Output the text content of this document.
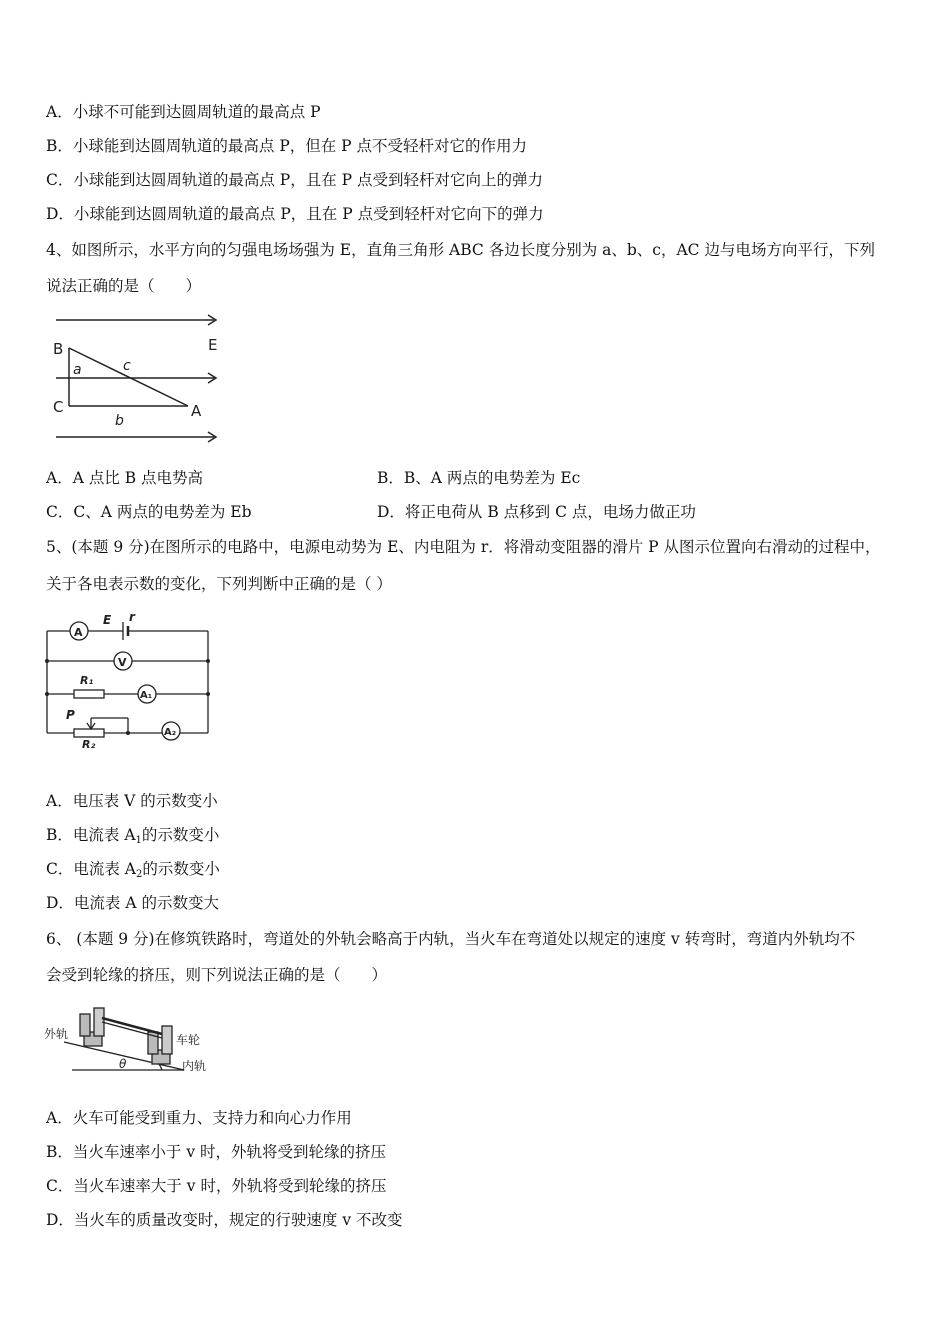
A．小球不可能到达圆周轨道的最高点 P
B．小球能到达圆周轨道的最高点 P，但在 P 点不受轻杆对它的作用力
C．小球能到达圆周轨道的最高点 P，且在 P 点受到轻杆对它向上的弹力
D．小球能到达圆周轨道的最高点 P，且在 P 点受到轻杆对它向下的弹力
4、如图所示，水平方向的匀强电场场强为 E，直角三角形 ABC 各边长度分别为 a、b、c，AC 边与电场方向平行，下列
说法正确的是（　　）
B
C	A
E
a	c
b
A．A 点比 B 点电势高	B．B、A 两点的电势差为 Ec
C．C、A 两点的电势差为 Eb	D．将正电荷从 B 点移到 C 点，电场力做正功
5、(本题 9 分)在图所示的电路中，电源电动势为 E、内电阻为 r．将滑动变阻器的滑片 P 从图示位置向右滑动的过程中，
关于各电表示数的变化，下列判断中正确的是（ ）
A
E r
V
R₁
A₁
P
R₂
A₂
A．电压表 V 的示数变小
B．电流表 $A_1$的示数变小
C．电流表 $A_2$的示数变小
D．电流表 A 的示数变大
6、 (本题 9 分)在修筑铁路时，弯道处的外轨会略高于内轨，当火车在弯道处以规定的速度 v 转弯时，弯道内外轨均不
会受到轮缘的挤压，则下列说法正确的是（　　）
外轨	车轮
内轨
θ
A．火车可能受到重力、支持力和向心力作用
B．当火车速率小于 v 时，外轨将受到轮缘的挤压
C．当火车速率大于 v 时，外轨将受到轮缘的挤压
D．当火车的质量改变时，规定的行驶速度 v 不改变
